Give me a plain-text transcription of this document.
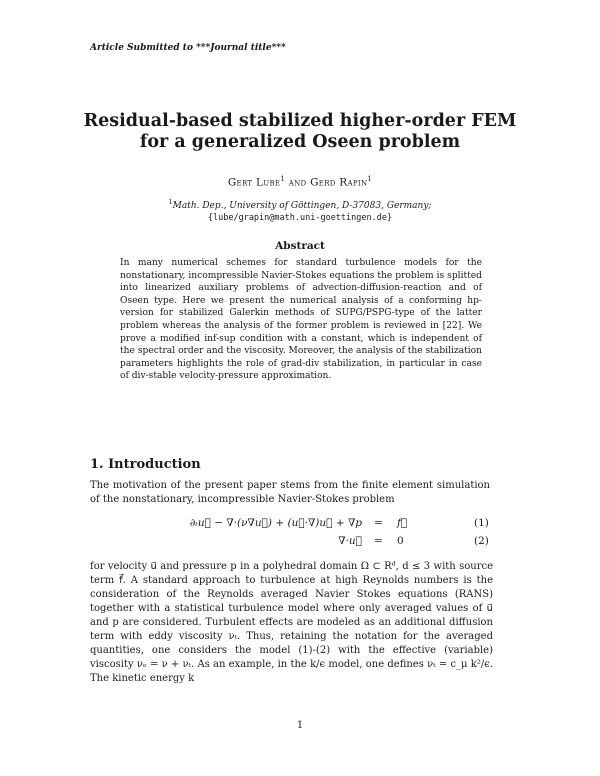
Article Submitted to ***Journal title***
Residual-based stabilized higher-order FEM
for a generalized Oseen problem
Gert Lube$^1$ and Gerd Rapin$^1$
$^1$Math. Dep., University of Göttingen, D-37083, Germany;
{lube/grapin@math.uni-goettingen.de}
Abstract
In many numerical schemes for standard turbulence models for the nonstationary, incompressible Navier-Stokes equations the problem is splitted into linearized auxiliary problems of advection-diffusion-reaction and of Oseen type. Here we present the numerical analysis of a conforming hp-version for stabilized Galerkin methods of SUPG/PSPG-type of the latter problem whereas the analysis of the former problem is reviewed in [22]. We prove a modified inf-sup condition with a constant, which is independent of the spectral order and the viscosity. Moreover, the analysis of the stabilization parameters highlights the role of grad-div stabilization, in particular in case of div-stable velocity-pressure approximation.
1. Introduction
The motivation of the present paper stems from the finite element simulation of the nonstationary, incompressible Navier-Stokes problem
∂ₜu⃗ − ∇·(ν∇u⃗) + (u⃗·∇)u⃗ + ∇p = f⃗	(1)
∇·u⃗ = 0	(2)
for velocity u⃗ and pressure p in a polyhedral domain Ω ⊂ Rᵈ, d ≤ 3 with source term f⃗. A standard approach to turbulence at high Reynolds numbers is the consideration of the Reynolds averaged Navier Stokes equations (RANS) together with a statistical turbulence model where only averaged values of u⃗ and p are considered. Turbulent effects are modeled as an additional diffusion term with eddy viscosity νₜ. Thus, retaining the notation for the averaged quantities, one considers the model (1)-(2) with the effective (variable) viscosity νₑ = ν + νₜ. As an example, in the k/ϵ model, one defines νₜ = c_μ k²/ϵ. The kinetic energy k
1
